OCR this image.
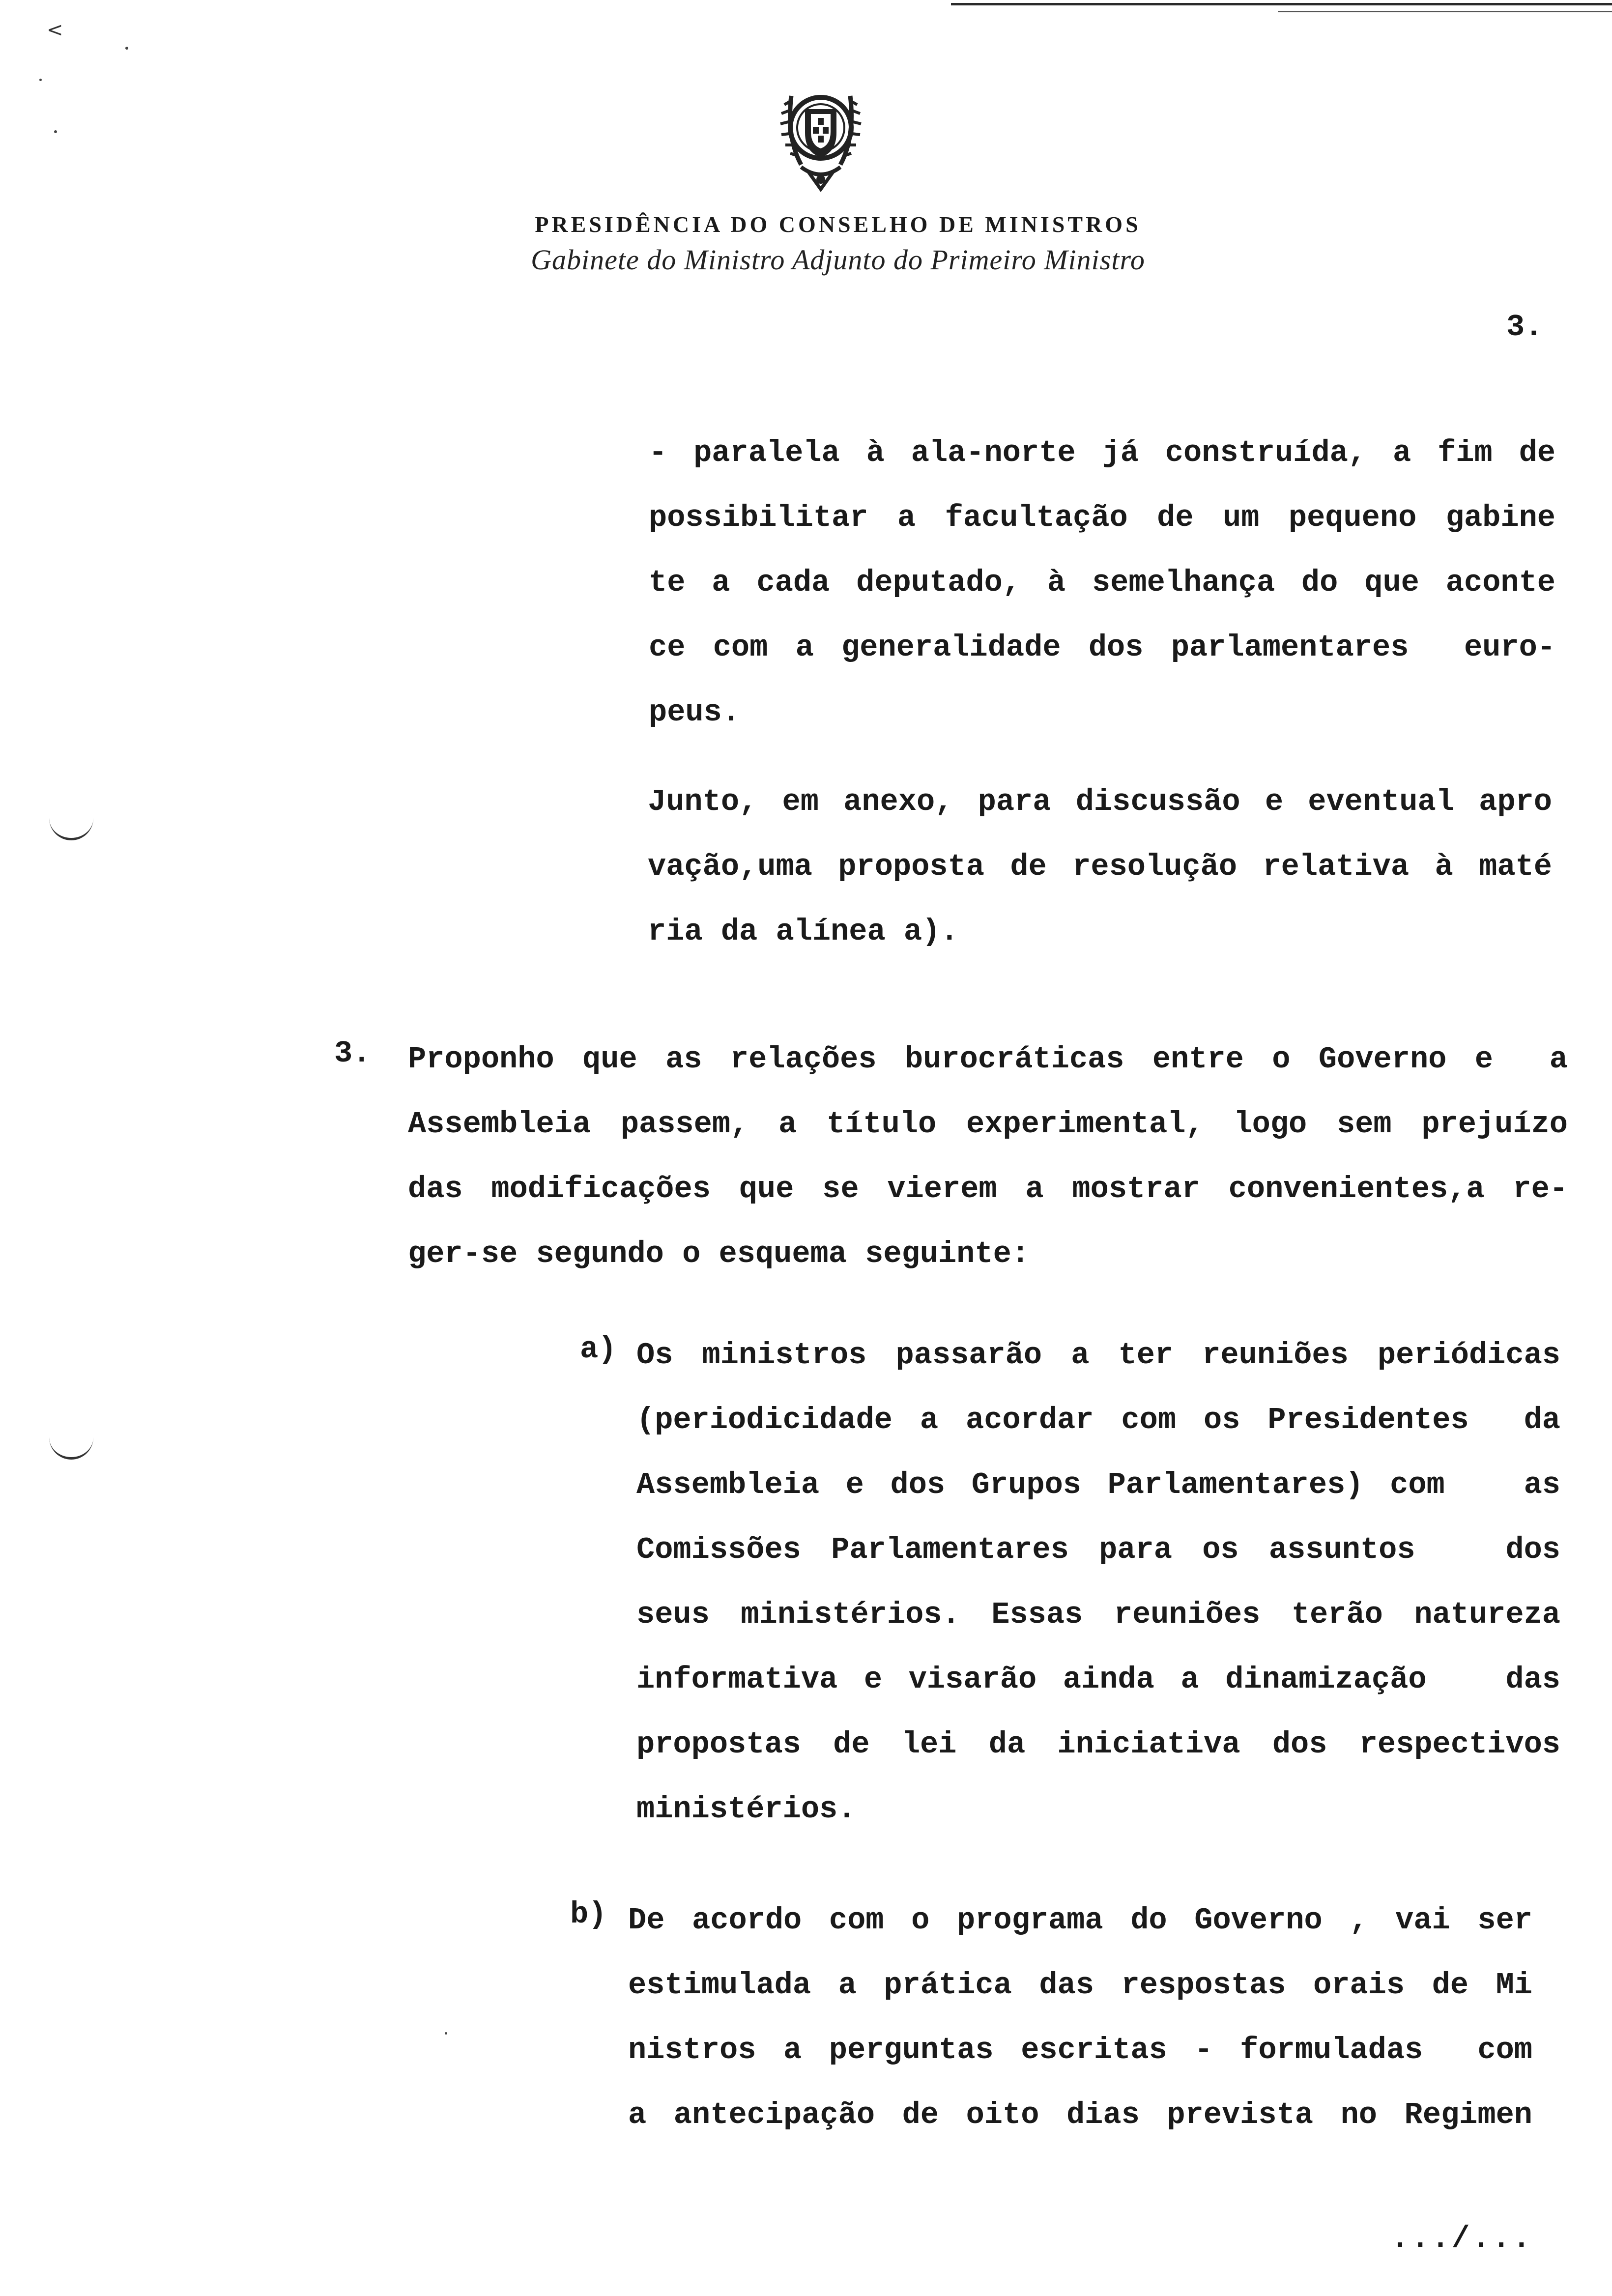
<
PRESIDÊNCIA DO CONSELHO DE MINISTROS
Gabinete do Ministro Adjunto do Primeiro Ministro
3.
- paralela à ala-norte já construída, a fim de
possibilitar a facultação de um pequeno gabine
te a cada deputado, à semelhança do que aconte
ce com a generalidade dos parlamentares  euro-
peus.
Junto, em anexo, para discussão e eventual apro
vação,uma proposta de resolução relativa à maté
ria da alínea a).
3. Proponho que as relações burocráticas entre o Governo e  a
Assembleia passem, a título experimental, logo sem prejuízo
das modificações que se vierem a mostrar convenientes,a re-
ger-se segundo o esquema seguinte:
a) Os ministros passarão a ter reuniões periódicas
(periodicidade a acordar com os Presidentes  da
Assembleia e dos Grupos Parlamentares) com   as
Comissões Parlamentares para os assuntos   dos
seus ministérios. Essas reuniões terão natureza
informativa e visarão ainda a dinamização   das
propostas de lei da iniciativa dos respectivos
ministérios.
b) De acordo com o programa do Governo , vai ser
estimulada a prática das respostas orais de Mi
nistros a perguntas escritas - formuladas  com
a antecipação de oito dias prevista no Regimen
.../...
